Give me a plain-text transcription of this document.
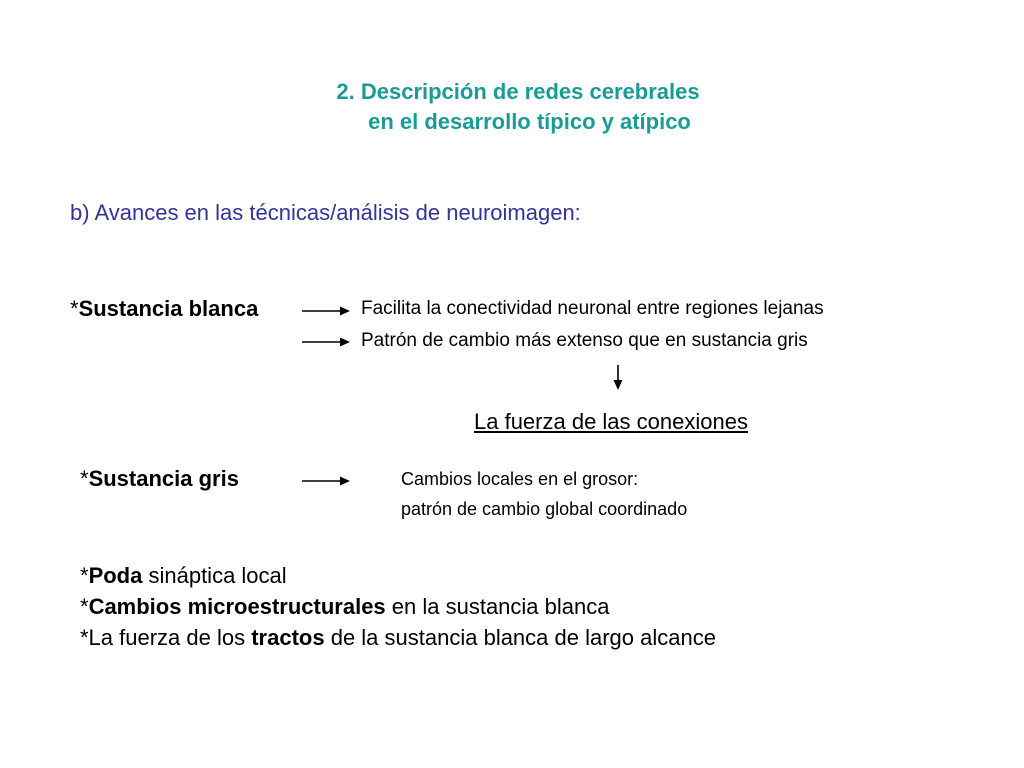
2. Descripción de redes cerebrales
en el desarrollo típico y atípico
b) Avances en las técnicas/análisis de neuroimagen:
*Sustancia blanca	Facilita la conectividad neuronal entre regiones lejanas
Patrón de cambio más extenso que en sustancia gris
La fuerza de las conexiones
*Sustancia gris	Cambios locales en el grosor:
patrón de cambio global coordinado
*Poda sináptica local
*Cambios microestructurales en la sustancia blanca
*La fuerza de los tractos de la sustancia blanca de largo alcance
